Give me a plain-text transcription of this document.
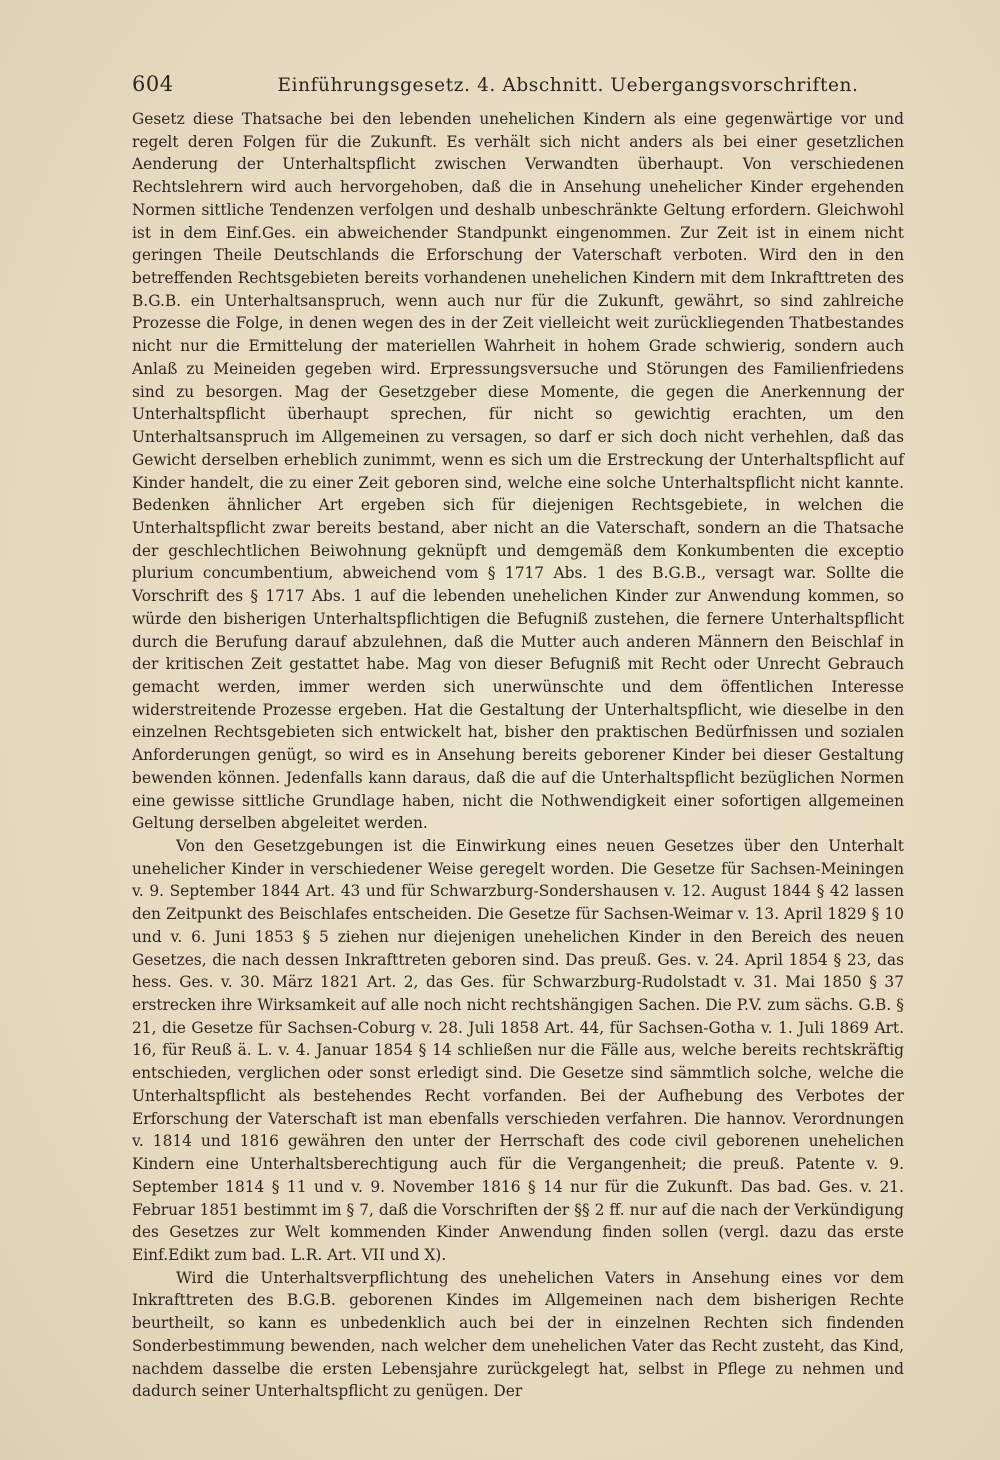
604	Einführungsgesetz. 4. Abschnitt. Uebergangsvorschriften.

Gesetz diese Thatsache bei den lebenden unehelichen Kindern als eine gegenwärtige vor und regelt deren Folgen für die Zukunft. Es verhält sich nicht anders als bei einer gesetzlichen Aenderung der Unterhaltspflicht zwischen Verwandten überhaupt. Von verschiedenen Rechtslehrern wird auch hervorgehoben, daß die in Ansehung unehelicher Kinder ergehenden Normen sittliche Tendenzen verfolgen und deshalb unbeschränkte Geltung erfordern. Gleichwohl ist in dem Einf.Ges. ein abweichender Standpunkt eingenommen. Zur Zeit ist in einem nicht geringen Theile Deutschlands die Erforschung der Vaterschaft verboten. Wird den in den betreffenden Rechtsgebieten bereits vorhandenen unehelichen Kindern mit dem Inkrafttreten des B.G.B. ein Unterhaltsanspruch, wenn auch nur für die Zukunft, gewährt, so sind zahlreiche Prozesse die Folge, in denen wegen des in der Zeit vielleicht weit zurückliegenden Thatbestandes nicht nur die Ermittelung der materiellen Wahrheit in hohem Grade schwierig, sondern auch Anlaß zu Meineiden gegeben wird. Erpressungsversuche und Störungen des Familienfriedens sind zu besorgen. Mag der Gesetzgeber diese Momente, die gegen die Anerkennung der Unterhaltspflicht überhaupt sprechen, für nicht so gewichtig erachten, um den Unterhaltsanspruch im Allgemeinen zu versagen, so darf er sich doch nicht verhehlen, daß das Gewicht derselben erheblich zunimmt, wenn es sich um die Erstreckung der Unterhaltspflicht auf Kinder handelt, die zu einer Zeit geboren sind, welche eine solche Unterhaltspflicht nicht kannte. Bedenken ähnlicher Art ergeben sich für diejenigen Rechtsgebiete, in welchen die Unterhaltspflicht zwar bereits bestand, aber nicht an die Vaterschaft, sondern an die Thatsache der geschlechtlichen Beiwohnung geknüpft und demgemäß dem Konkumbenten die exceptio plurium concumbentium, abweichend vom § 1717 Abs. 1 des B.G.B., versagt war. Sollte die Vorschrift des § 1717 Abs. 1 auf die lebenden unehelichen Kinder zur Anwendung kommen, so würde den bisherigen Unterhaltspflichtigen die Befugniß zustehen, die fernere Unterhaltspflicht durch die Berufung darauf abzulehnen, daß die Mutter auch anderen Männern den Beischlaf in der kritischen Zeit gestattet habe. Mag von dieser Befugniß mit Recht oder Unrecht Gebrauch gemacht werden, immer werden sich unerwünschte und dem öffentlichen Interesse widerstreitende Prozesse ergeben. Hat die Gestaltung der Unterhaltspflicht, wie dieselbe in den einzelnen Rechtsgebieten sich entwickelt hat, bisher den praktischen Bedürfnissen und sozialen Anforderungen genügt, so wird es in Ansehung bereits geborener Kinder bei dieser Gestaltung bewenden können. Jedenfalls kann daraus, daß die auf die Unterhaltspflicht bezüglichen Normen eine gewisse sittliche Grundlage haben, nicht die Nothwendigkeit einer sofortigen allgemeinen Geltung derselben abgeleitet werden.

Von den Gesetzgebungen ist die Einwirkung eines neuen Gesetzes über den Unterhalt unehelicher Kinder in verschiedener Weise geregelt worden. Die Gesetze für Sachsen-Meiningen v. 9. September 1844 Art. 43 und für Schwarzburg-Sondershausen v. 12. August 1844 § 42 lassen den Zeitpunkt des Beischlafes entscheiden. Die Gesetze für Sachsen-Weimar v. 13. April 1829 § 10 und v. 6. Juni 1853 § 5 ziehen nur diejenigen unehelichen Kinder in den Bereich des neuen Gesetzes, die nach dessen Inkrafttreten geboren sind. Das preuß. Ges. v. 24. April 1854 § 23, das hess. Ges. v. 30. März 1821 Art. 2, das Ges. für Schwarzburg-Rudolstadt v. 31. Mai 1850 § 37 erstrecken ihre Wirksamkeit auf alle noch nicht rechtshängigen Sachen. Die P.V. zum sächs. G.B. § 21, die Gesetze für Sachsen-Coburg v. 28. Juli 1858 Art. 44, für Sachsen-Gotha v. 1. Juli 1869 Art. 16, für Reuß ä. L. v. 4. Januar 1854 § 14 schließen nur die Fälle aus, welche bereits rechtskräftig entschieden, verglichen oder sonst erledigt sind. Die Gesetze sind sämmtlich solche, welche die Unterhaltspflicht als bestehendes Recht vorfanden. Bei der Aufhebung des Verbotes der Erforschung der Vaterschaft ist man ebenfalls verschieden verfahren. Die hannov. Verordnungen v. 1814 und 1816 gewähren den unter der Herrschaft des code civil geborenen unehelichen Kindern eine Unterhaltsberechtigung auch für die Vergangenheit; die preuß. Patente v. 9. September 1814 § 11 und v. 9. November 1816 § 14 nur für die Zukunft. Das bad. Ges. v. 21. Februar 1851 bestimmt im § 7, daß die Vorschriften der §§ 2 ff. nur auf die nach der Verkündigung des Gesetzes zur Welt kommenden Kinder Anwendung finden sollen (vergl. dazu das erste Einf.Edikt zum bad. L.R. Art. VII und X).

Wird die Unterhaltsverpflichtung des unehelichen Vaters in Ansehung eines vor dem Inkrafttreten des B.G.B. geborenen Kindes im Allgemeinen nach dem bisherigen Rechte beurtheilt, so kann es unbedenklich auch bei der in einzelnen Rechten sich findenden Sonderbestimmung bewenden, nach welcher dem unehelichen Vater das Recht zusteht, das Kind, nachdem dasselbe die ersten Lebensjahre zurückgelegt hat, selbst in Pflege zu nehmen und dadurch seiner Unterhaltspflicht zu genügen. Der
